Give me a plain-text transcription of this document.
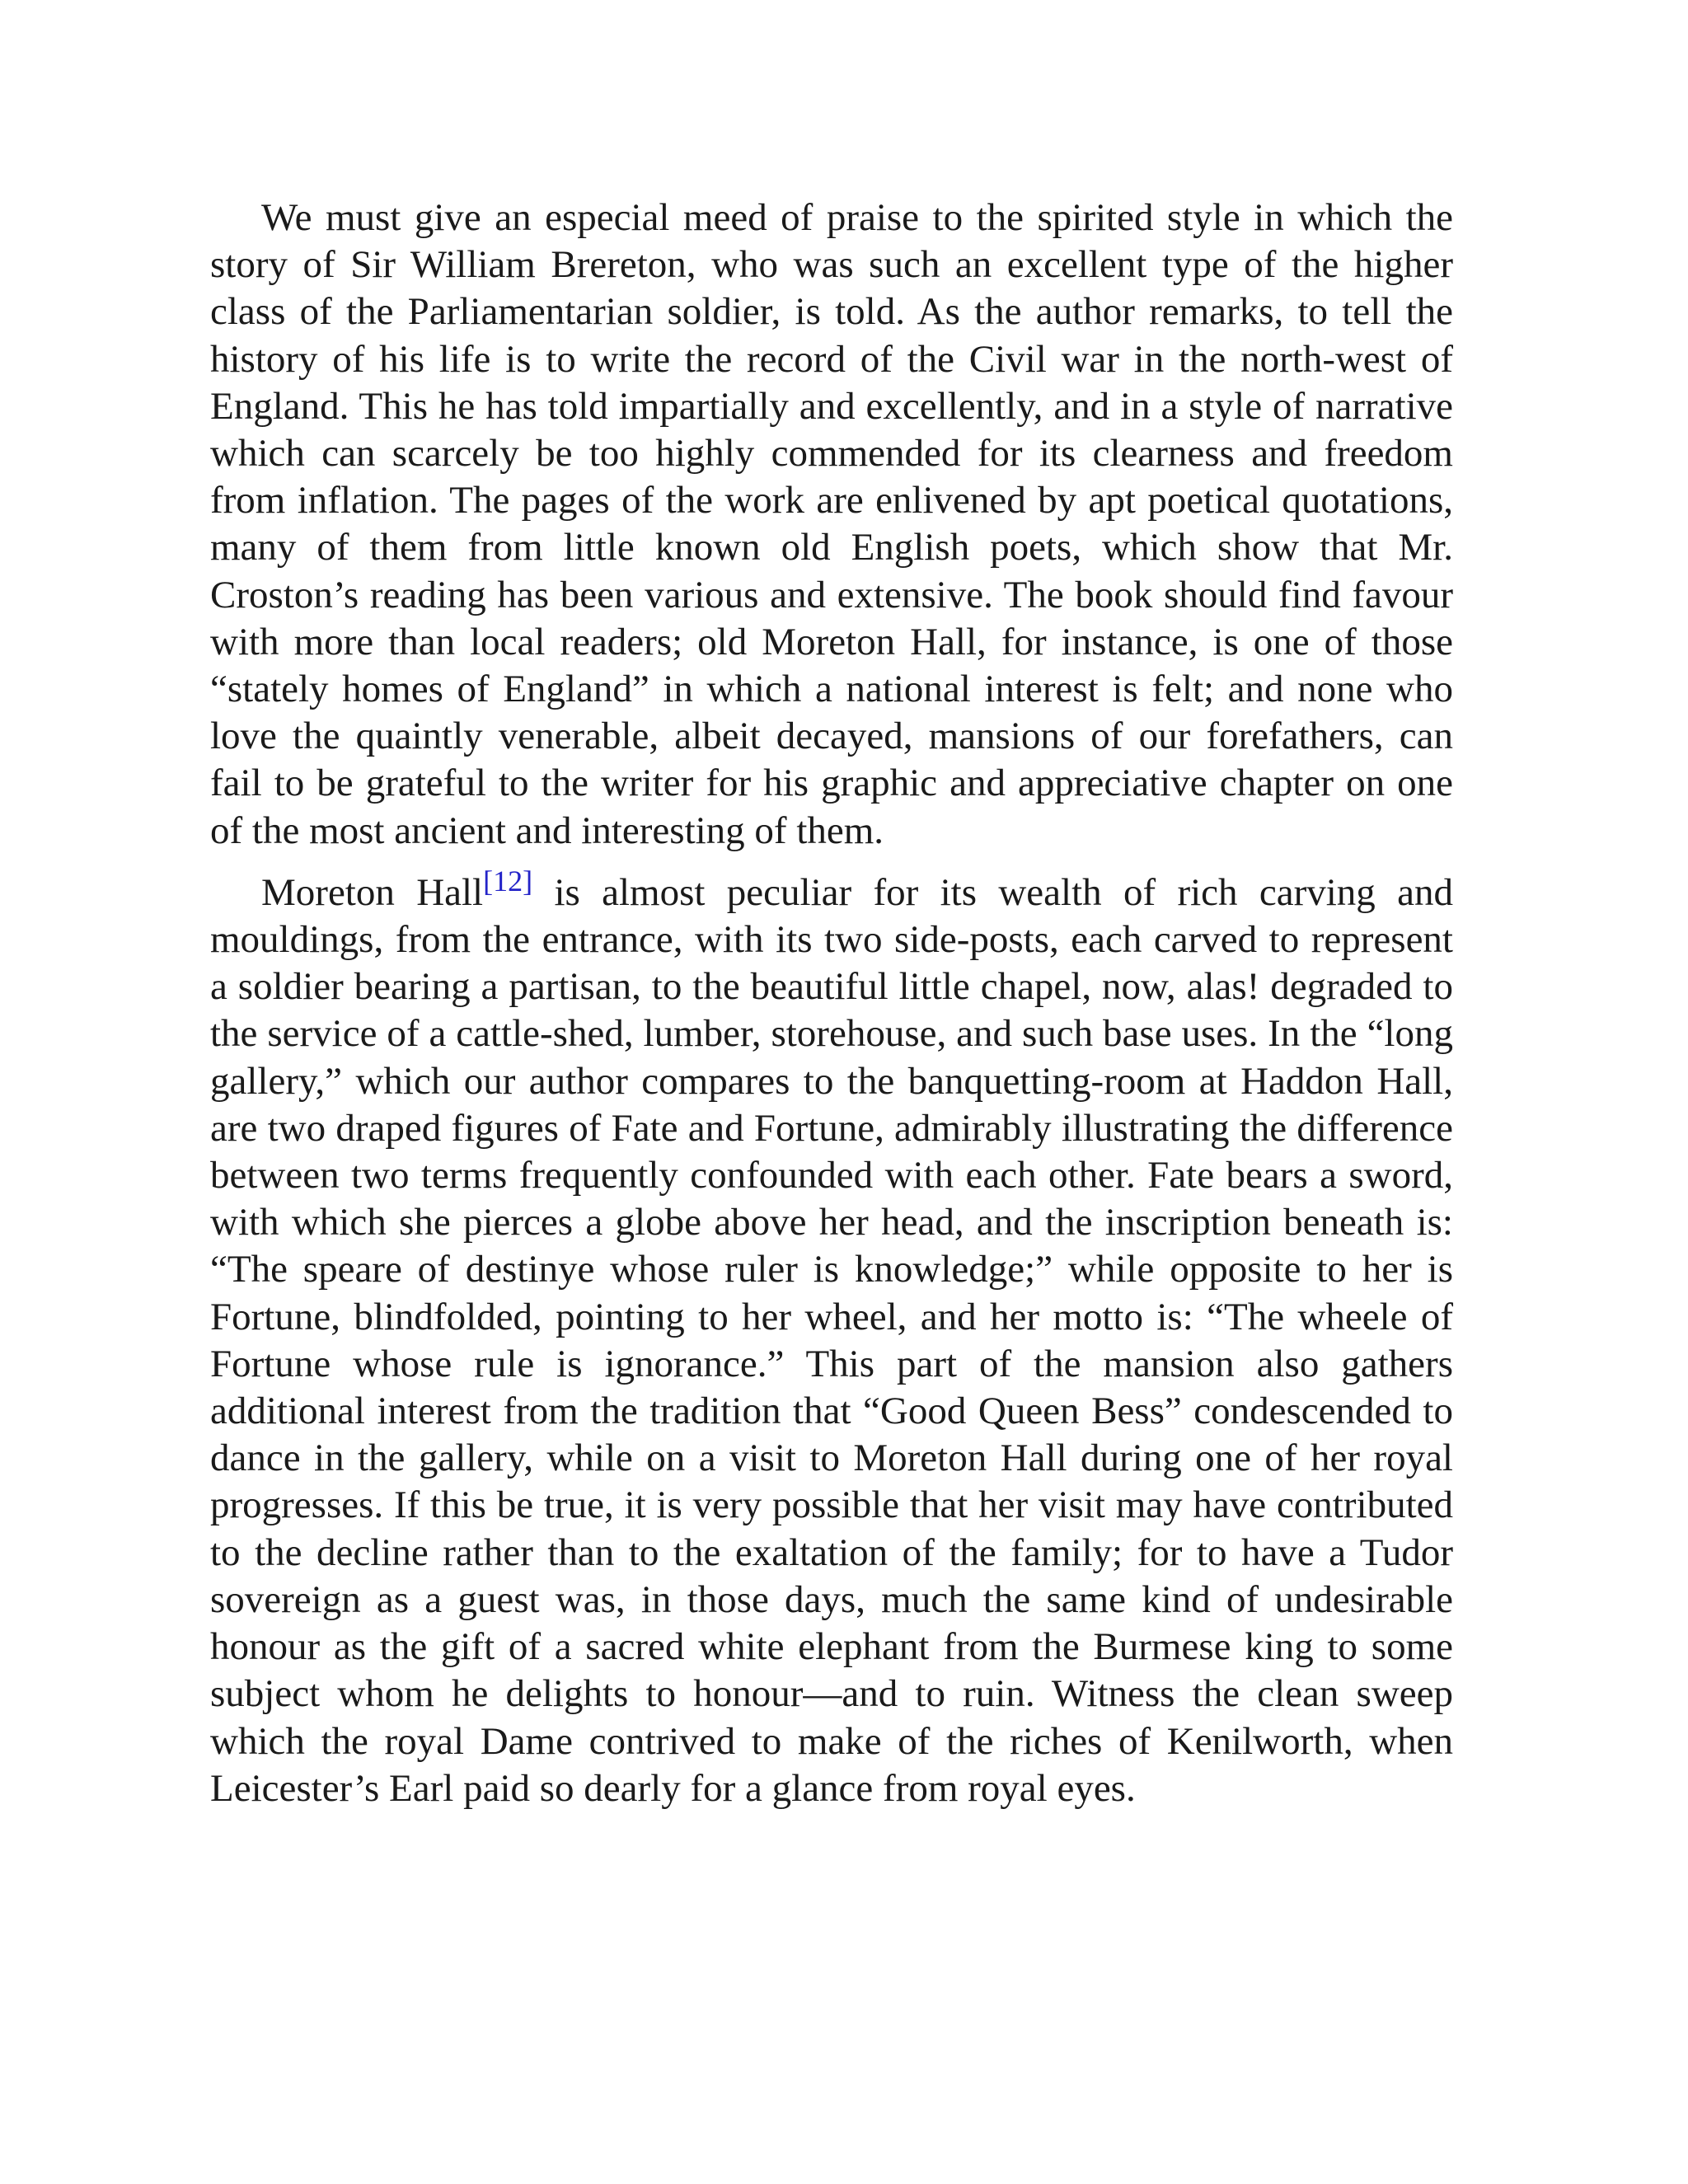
We must give an especial meed of praise to the spirited style in which the story of Sir William Brereton, who was such an excellent type of the higher class of the Parliamentarian soldier, is told. As the author remarks, to tell the history of his life is to write the record of the Civil war in the north-west of England. This he has told impartially and excellently, and in a style of narrative which can scarcely be too highly commended for its clearness and freedom from inflation. The pages of the work are enlivened by apt poetical quotations, many of them from little known old English poets, which show that Mr. Croston’s reading has been various and extensive. The book should find favour with more than local readers; old Moreton Hall, for instance, is one of those “stately homes of England” in which a national interest is felt; and none who love the quaintly venerable, albeit decayed, mansions of our forefathers, can fail to be grateful to the writer for his graphic and appreciative chapter on one of the most ancient and interesting of them.

Moreton Hall[12] is almost peculiar for its wealth of rich carving and mouldings, from the entrance, with its two side-posts, each carved to represent a soldier bearing a partisan, to the beautiful little chapel, now, alas! degraded to the service of a cattle-shed, lumber, storehouse, and such base uses. In the “long gallery,” which our author compares to the banquetting-room at Haddon Hall, are two draped figures of Fate and Fortune, admirably illustrating the difference between two terms frequently confounded with each other. Fate bears a sword, with which she pierces a globe above her head, and the inscription beneath is: “The speare of destinye whose ruler is knowledge;” while opposite to her is Fortune, blindfolded, pointing to her wheel, and her motto is: “The wheele of Fortune whose rule is ignorance.” This part of the mansion also gathers additional interest from the tradition that “Good Queen Bess” condescended to dance in the gallery, while on a visit to Moreton Hall during one of her royal progresses. If this be true, it is very possible that her visit may have contributed to the decline rather than to the exaltation of the family; for to have a Tudor sovereign as a guest was, in those days, much the same kind of undesirable honour as the gift of a sacred white elephant from the Burmese king to some subject whom he delights to honour—and to ruin. Witness the clean sweep which the royal Dame contrived to make of the riches of Kenilworth, when Leicester’s Earl paid so dearly for a glance from royal eyes.
